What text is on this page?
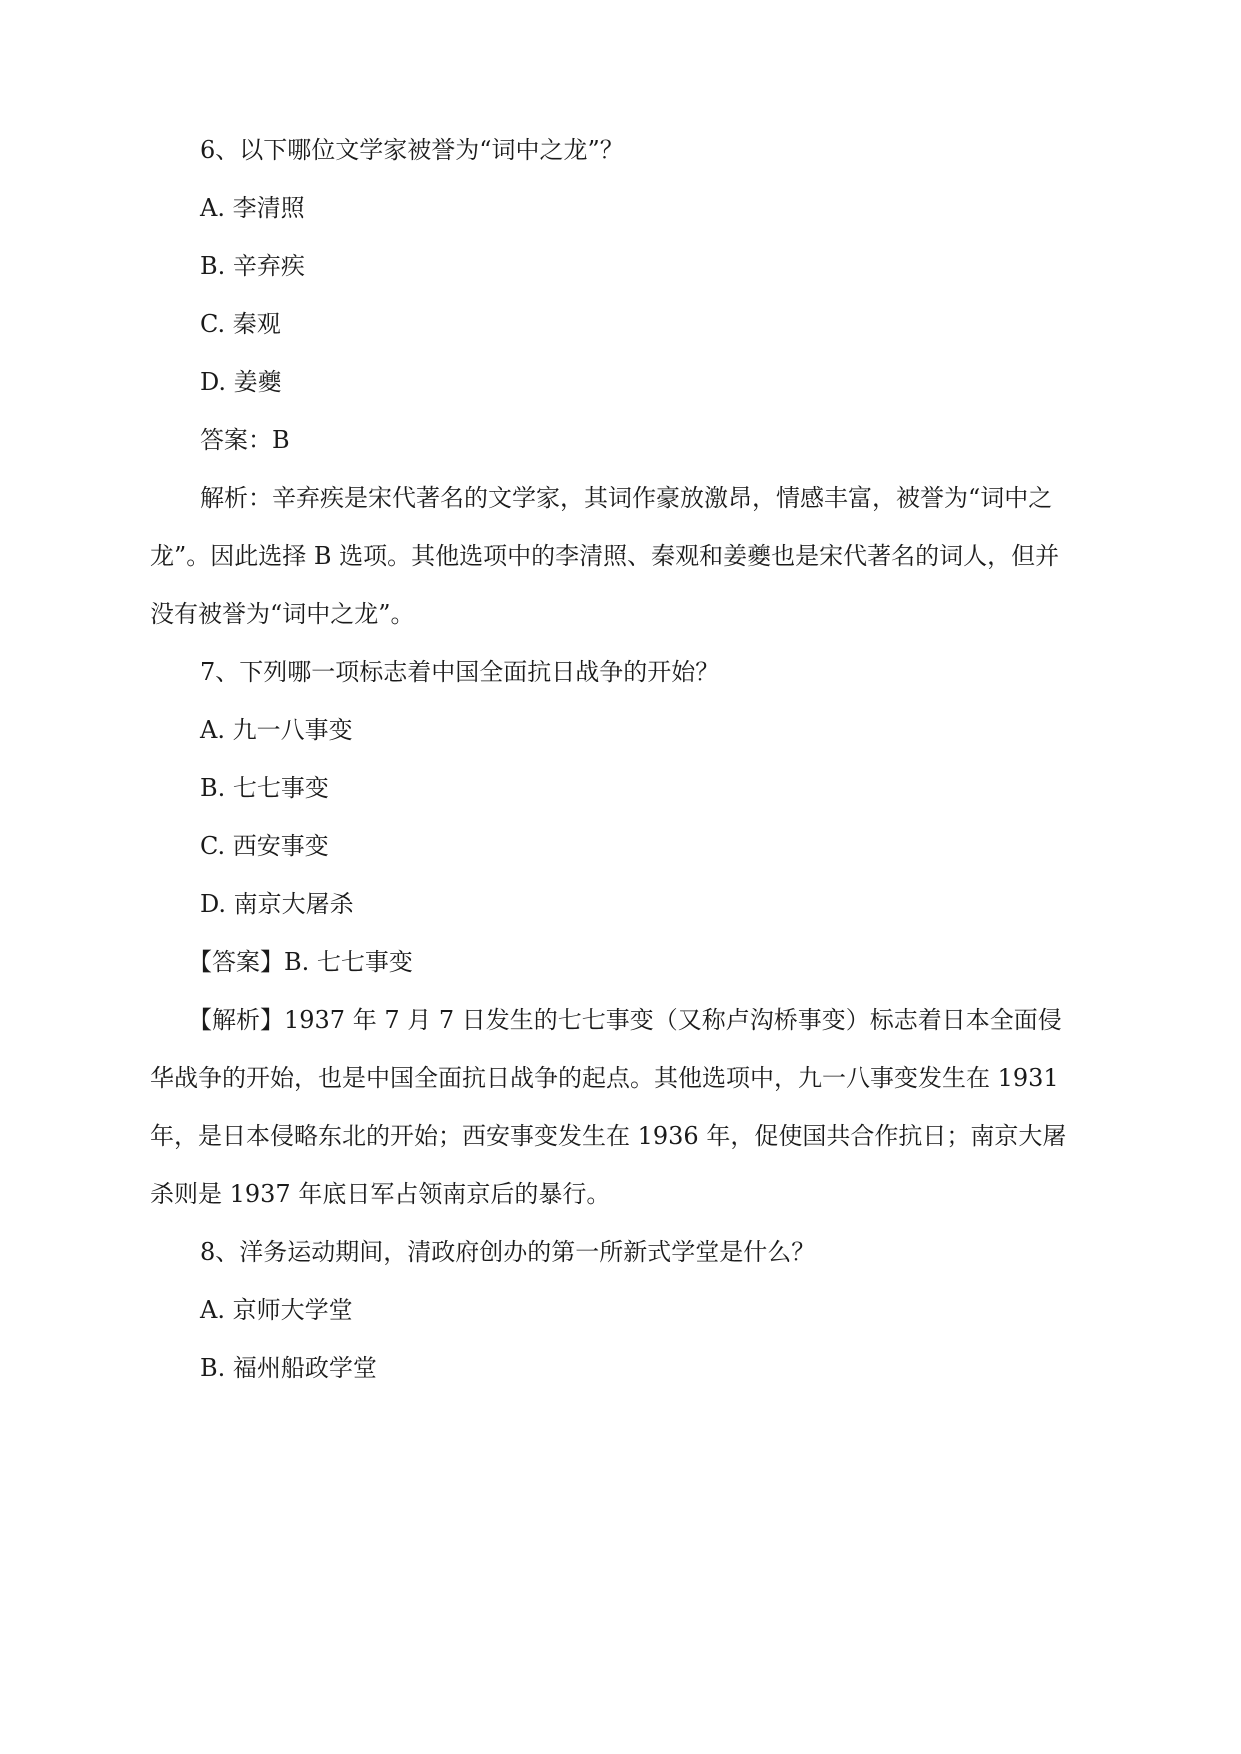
6、以下哪位文学家被誉为“词中之龙”？
A. 李清照
B. 辛弃疾
C. 秦观
D. 姜夔
答案：B
解析：辛弃疾是宋代著名的文学家，其词作豪放激昂，情感丰富，被誉为“词中之
龙”。因此选择 B 选项。其他选项中的李清照、秦观和姜夔也是宋代著名的词人，但并
没有被誉为“词中之龙”。
7、下列哪一项标志着中国全面抗日战争的开始？
A. 九一八事变
B. 七七事变
C. 西安事变
D. 南京大屠杀
【答案】B. 七七事变
【解析】1937 年 7 月 7 日发生的七七事变（又称卢沟桥事变）标志着日本全面侵
华战争的开始，也是中国全面抗日战争的起点。其他选项中，九一八事变发生在 1931
年，是日本侵略东北的开始；西安事变发生在 1936 年，促使国共合作抗日；南京大屠
杀则是 1937 年底日军占领南京后的暴行。
8、洋务运动期间，清政府创办的第一所新式学堂是什么？
A. 京师大学堂
B. 福州船政学堂
